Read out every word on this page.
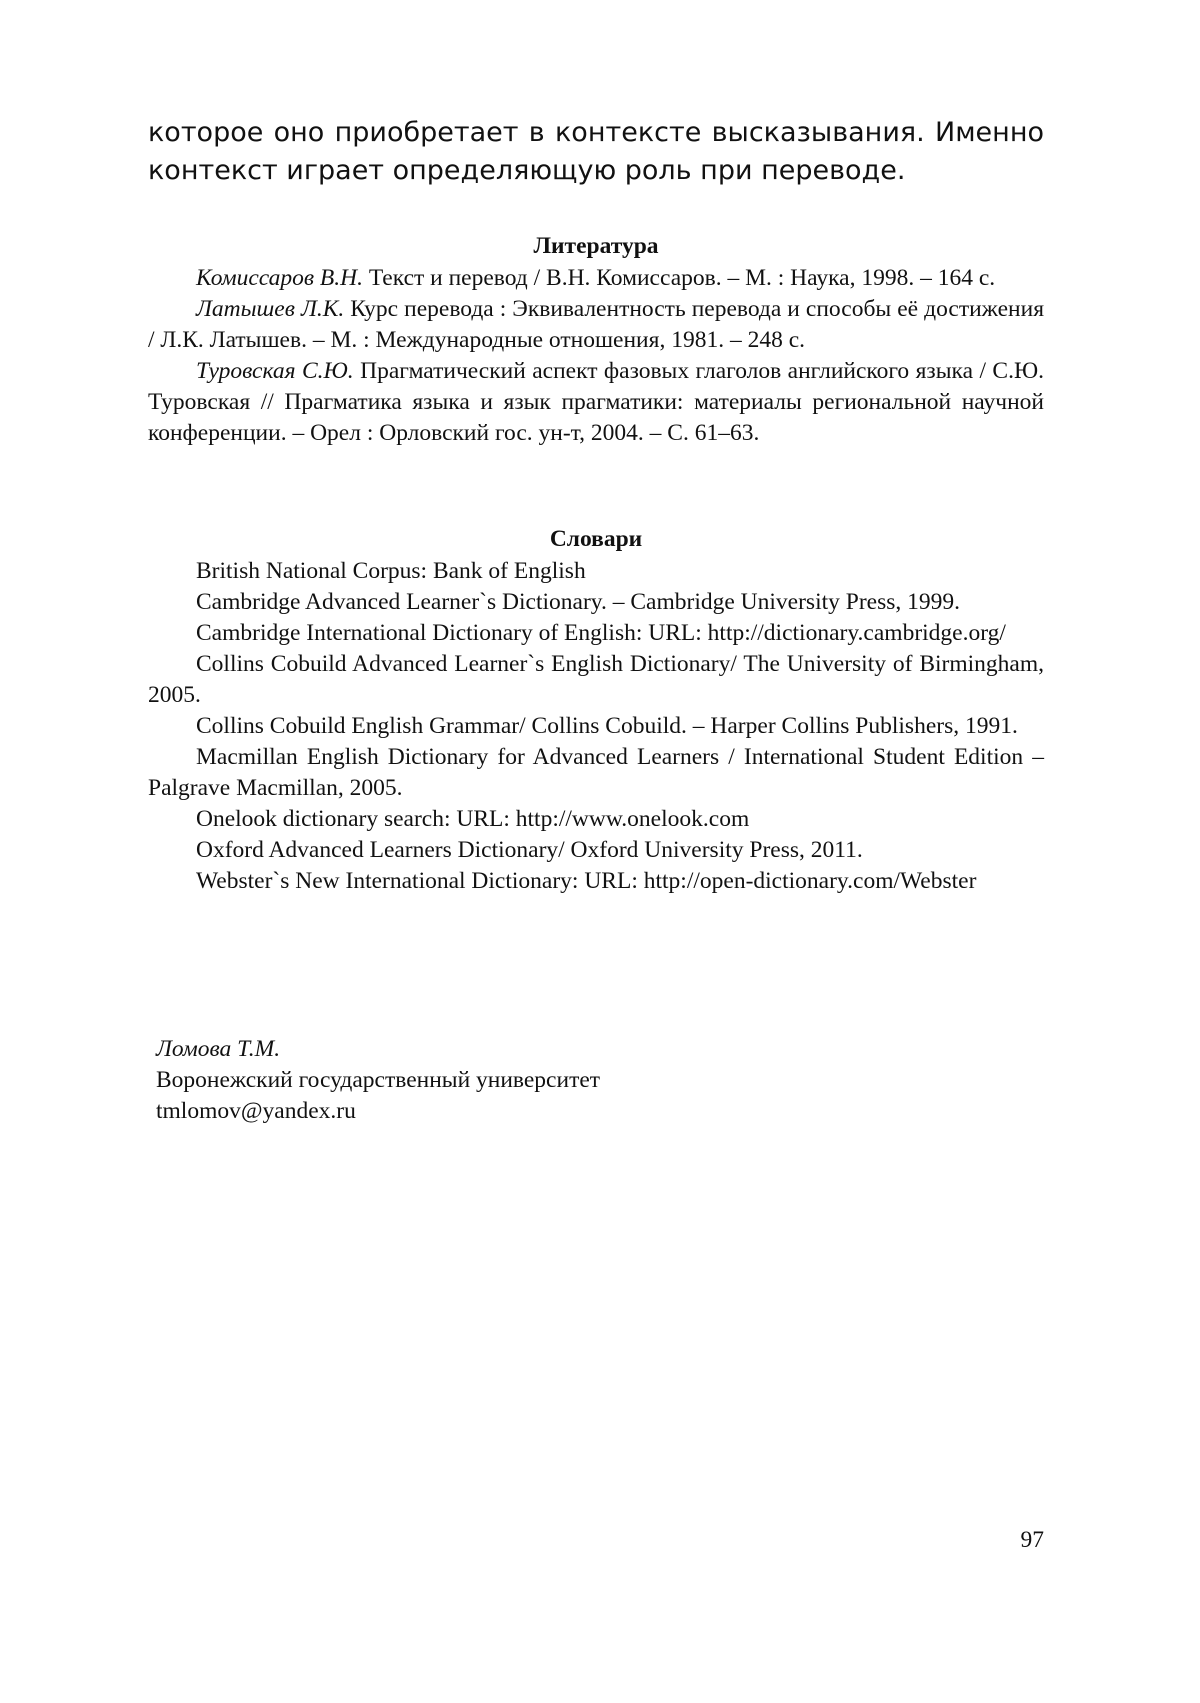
которое оно приобретает в контексте высказывания. Именно контекст играет определяющую роль при переводе.

Литература

Комиссаров В.Н. Текст и перевод / В.Н. Комиссаров. – М. : Наука, 1998. – 164 с.

Латышев Л.К. Курс перевода : Эквивалентность перевода и способы её достижения / Л.К. Латышев. – М. : Международные отношения, 1981. – 248 с.

Туровская С.Ю. Прагматический аспект фазовых глаголов английского языка / С.Ю. Туровская // Прагматика языка и язык прагматики: материалы региональной научной конференции. – Орел : Орловский гос. ун-т, 2004. – С. 61–63.

Словари

British National Corpus: Bank of English

Cambridge Advanced Learner`s Dictionary. – Cambridge University Press, 1999.

Cambridge International Dictionary of English: URL: http://dictionary.cambridge.org/

Collins Cobuild Advanced Learner`s English Dictionary/ The University of Birmingham, 2005.

Collins Cobuild English Grammar/ Collins Cobuild. – Harper Collins Publishers, 1991.

Macmillan English Dictionary for Advanced Learners / International Student Edition – Palgrave Macmillan, 2005.

Onelook dictionary search: URL: http://www.onelook.com

Oxford Advanced Learners Dictionary/ Oxford University Press, 2011.

Webster`s New International Dictionary: URL: http://open-dictionary.com/Webster

Ломова Т.М.
Воронежский государственный университет
tmlomov@yandex.ru
97
